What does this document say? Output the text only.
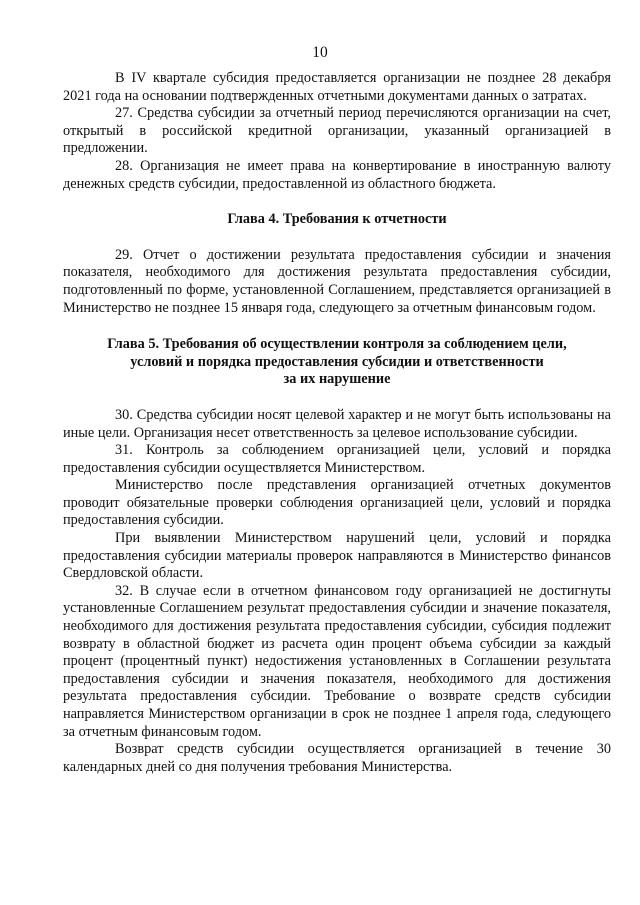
10

В IV квартале субсидия предоставляется организации не позднее 28 декабря 2021 года на основании подтвержденных отчетными документами данных о затратах.

27. Средства субсидии за отчетный период перечисляются организации на счет, открытый в российской кредитной организации, указанный организацией в предложении.

28. Организация не имеет права на конвертирование в иностранную валюту денежных средств субсидии, предоставленной из областного бюджета.

Глава 4. Требования к отчетности

29. Отчет о достижении результата предоставления субсидии и значения показателя, необходимого для достижения результата предоставления субсидии, подготовленный по форме, установленной Соглашением, представляется организацией в Министерство не позднее 15 января года, следующего за отчетным финансовым годом.

Глава 5. Требования об осуществлении контроля за соблюдением цели,
условий и порядка предоставления субсидии и ответственности
за их нарушение

30. Средства субсидии носят целевой характер и не могут быть использованы на иные цели. Организация несет ответственность за целевое использование субсидии.

31. Контроль за соблюдением организацией цели, условий и порядка предоставления субсидии осуществляется Министерством.

Министерство после представления организацией отчетных документов проводит обязательные проверки соблюдения организацией цели, условий и порядка предоставления субсидии.

При выявлении Министерством нарушений цели, условий и порядка предоставления субсидии материалы проверок направляются в Министерство финансов Свердловской области.

32. В случае если в отчетном финансовом году организацией не достигнуты установленные Соглашением результат предоставления субсидии и значение показателя, необходимого для достижения результата предоставления субсидии, субсидия подлежит возврату в областной бюджет из расчета один процент объема субсидии за каждый процент (процентный пункт) недостижения установленных в Соглашении результата предоставления субсидии и значения показателя, необходимого для достижения результата предоставления субсидии. Требование о возврате средств субсидии направляется Министерством организации в срок не позднее 1 апреля года, следующего за отчетным финансовым годом.

Возврат средств субсидии осуществляется организацией в течение 30 календарных дней со дня получения требования Министерства.
